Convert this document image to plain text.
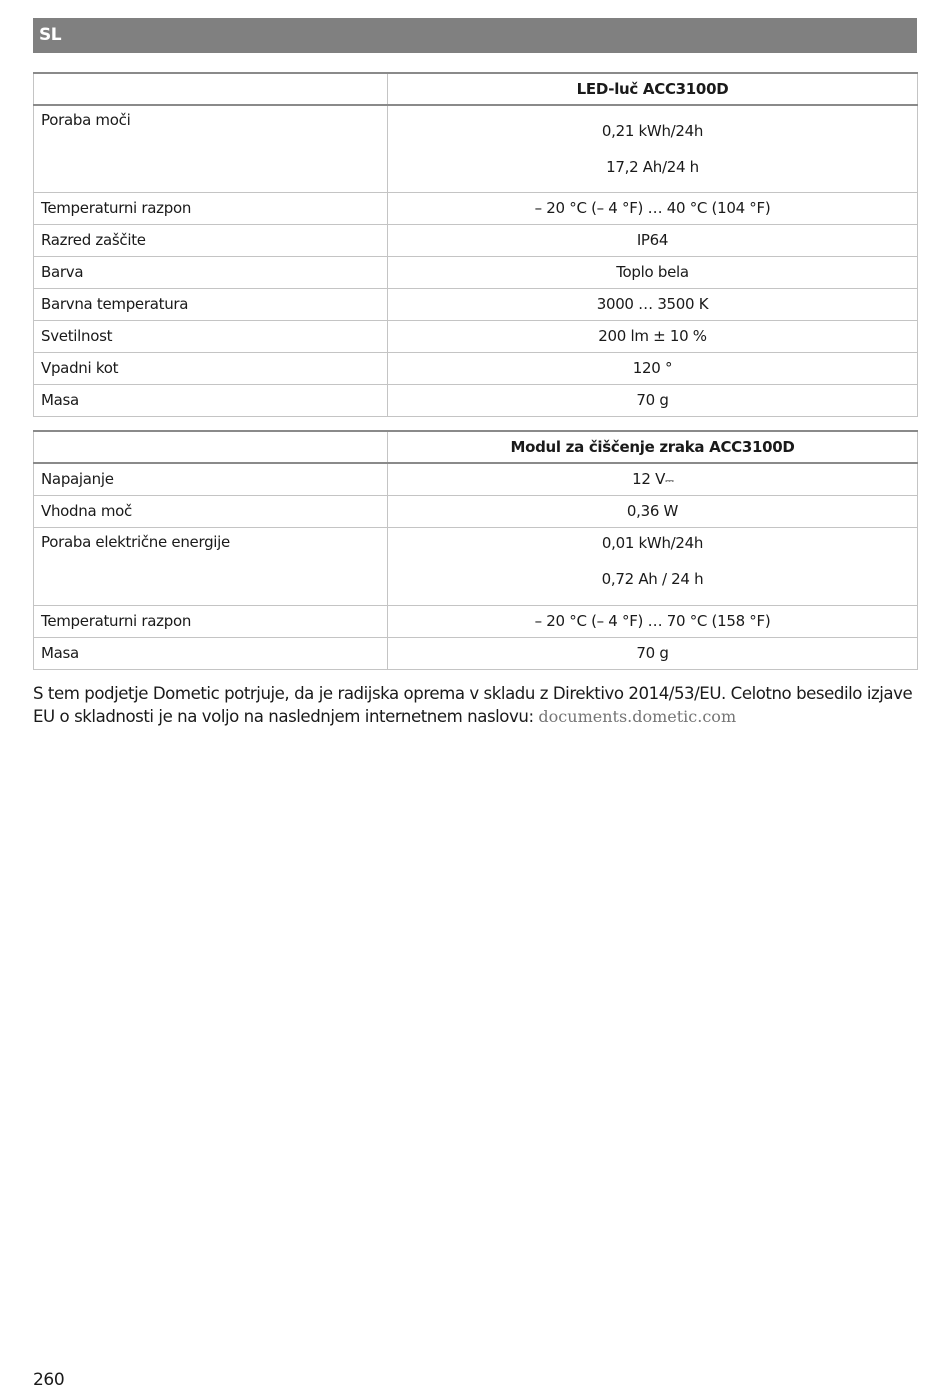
SL
	LED-luč ACC3100D
Poraba moči	0,21 kWh/24h
17,2 Ah/24 h

Temperaturni razpon	– 20 °C (– 4 °F) … 40 °C (104 °F)
Razred zaščite	IP64
Barva	Toplo bela
Barvna temperatura	3000 … 3500 K
Svetilnost	200 lm ± 10 %
Vpadni kot	120 °
Masa	70 g
	Modul za čiščenje zraka ACC3100D
Napajanje	12 V⎓
Vhodna moč	0,36 W
Poraba električne energije	0,01 kWh/24h
0,72 Ah / 24 h

Temperaturni razpon	– 20 °C (– 4 °F) … 70 °C (158 °F)
Masa	70 g

S tem podjetje Dometic potrjuje, da je radijska oprema v skladu z Direktivo 2014/53/EU. Celotno besedilo izjave EU o skladnosti je na voljo na naslednjem internetnem naslovu: documents.dometic.com

260
